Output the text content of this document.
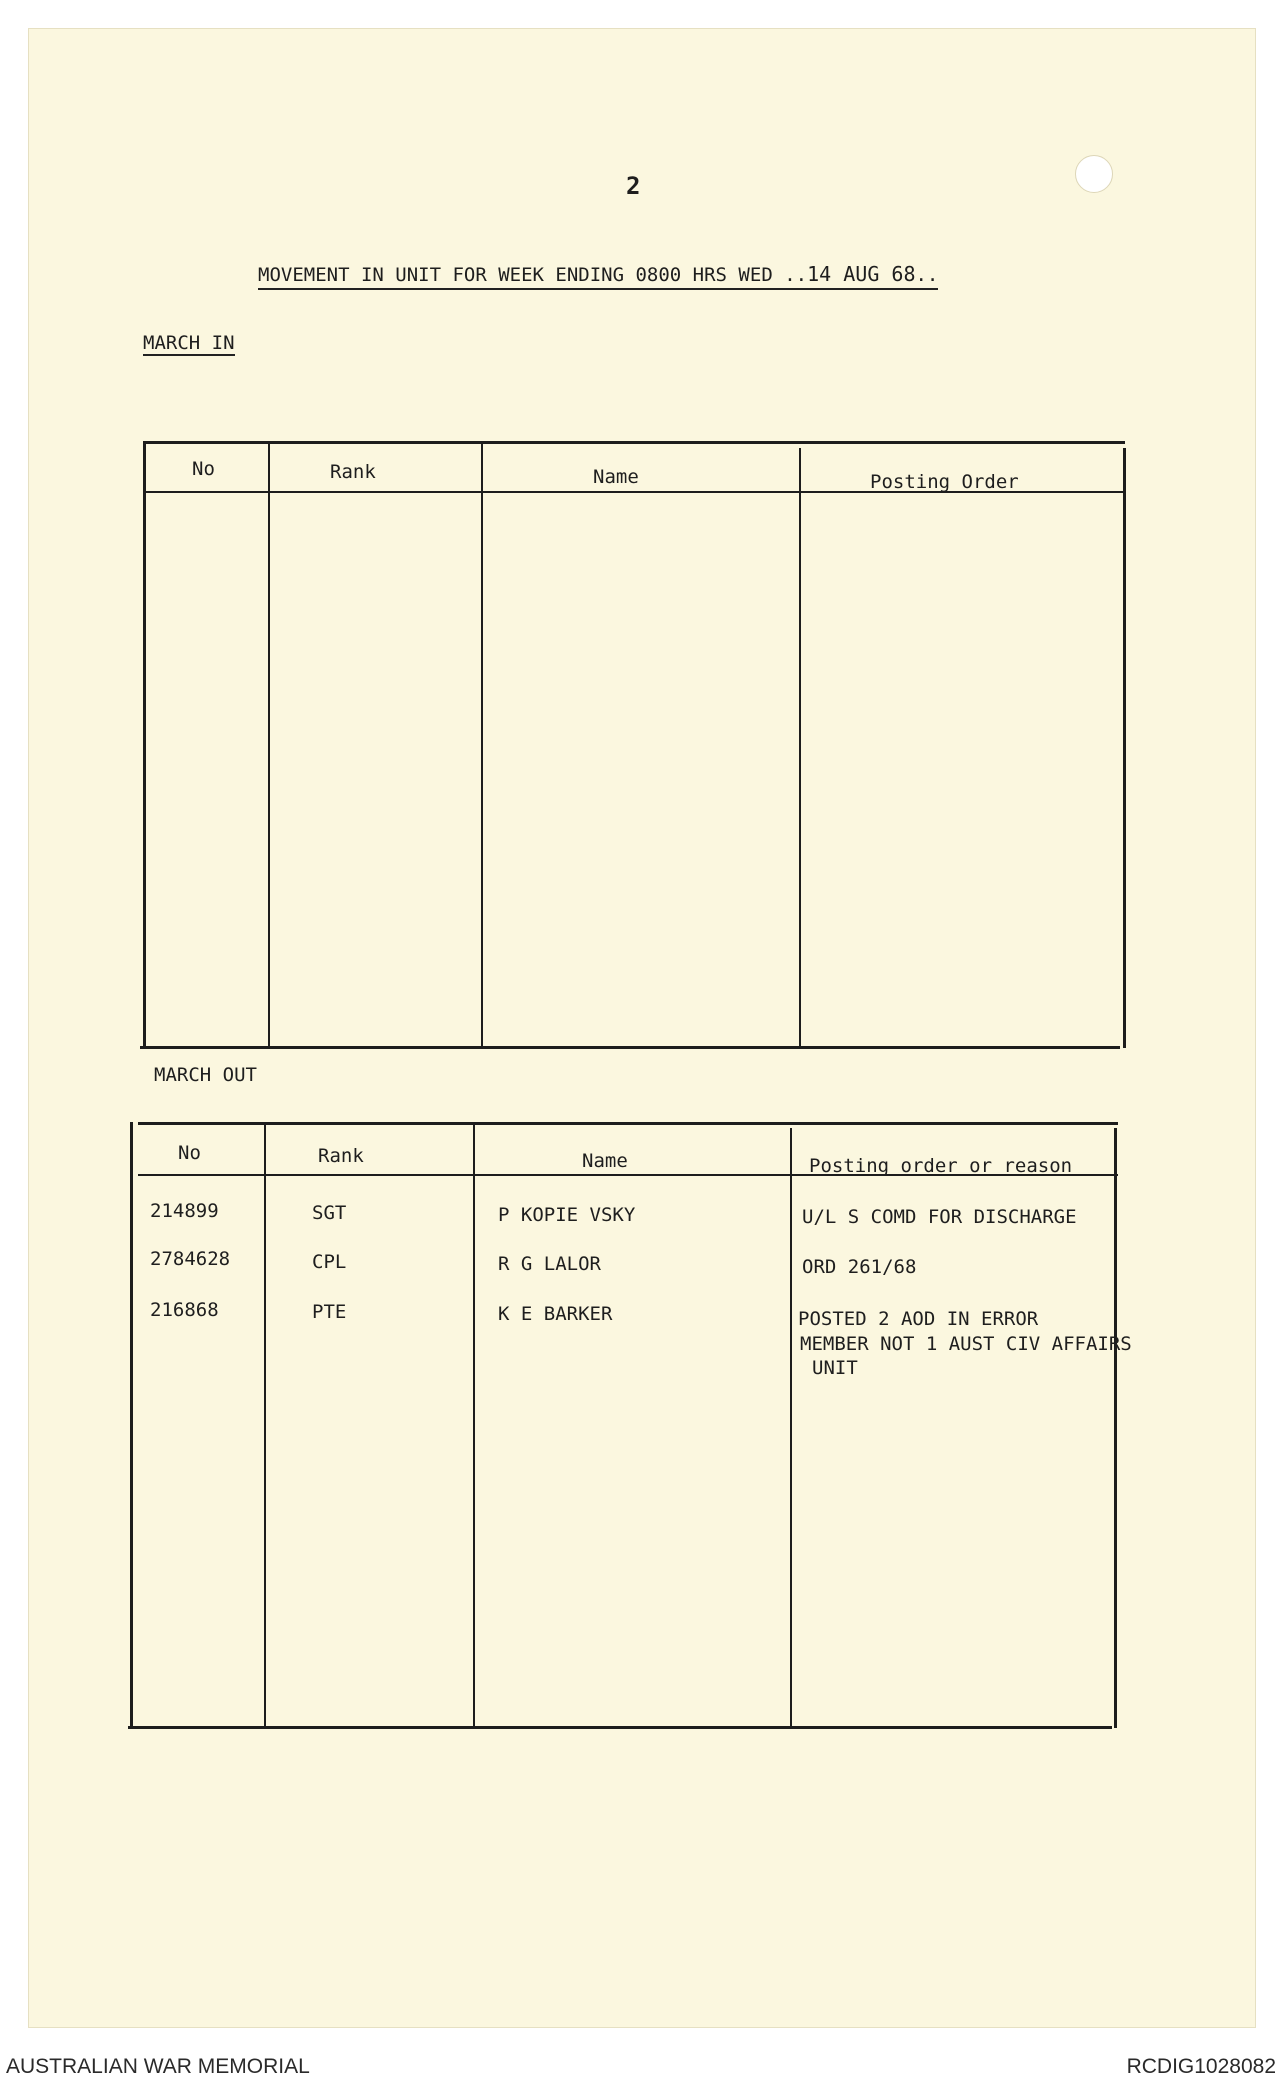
2
MOVEMENT IN UNIT FOR WEEK ENDING 0800 HRS WED ..14 AUG 68..
MARCH IN
No	Rank	Name	Posting Order
MARCH OUT
No	Rank	Name	Posting order or reason
214899	SGT	P KOPIE VSKY	U/L S COMD FOR DISCHARGE
2784628	CPL	R G LALOR	ORD 261/68
216868	PTE	K E BARKER	POSTED 2 AOD IN ERROR
MEMBER NOT 1 AUST CIV AFFAIRS
UNIT
AUSTRALIAN WAR MEMORIAL	RCDIG1028082
